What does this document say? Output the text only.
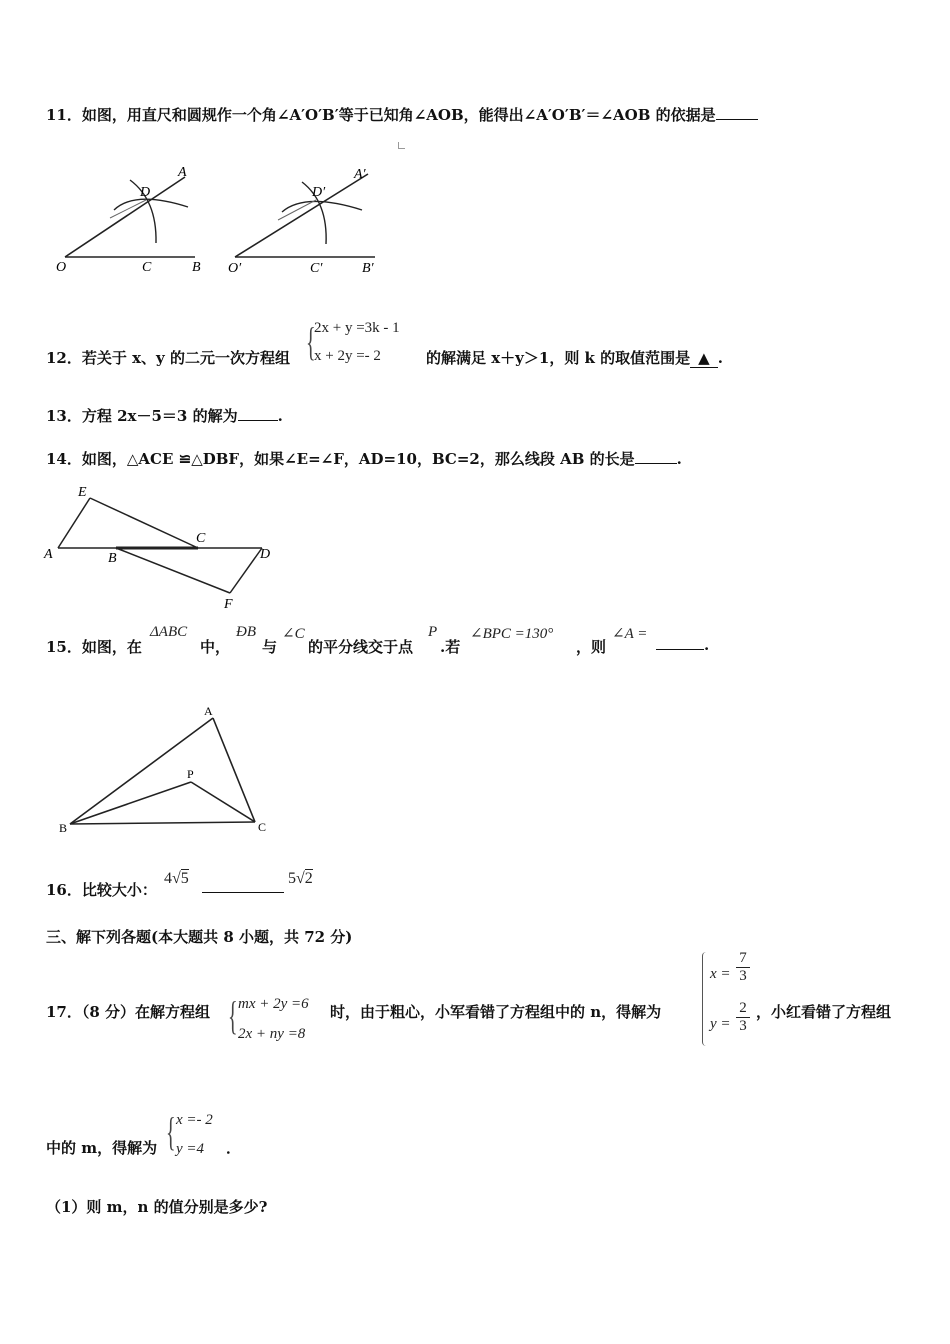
11．如图，用直尺和圆规作一个角∠A′O′B′等于已知角∠AOB，能得出∠A′O′B′＝∠AOB 的依据是
O	C	B
D
A
O′	C′	B′
D′
A′
12．若关于 x、y 的二元一次方程组 {
2x + y =3k - 1
x + 2y =- 2	的解满足 x＋y＞1，则 k 的取值范围是 ▲ .
13．方程 2x－5＝3 的解为	.
14．如图，△ACE ≌△DBF，如果∠E=∠F，AD=10，BC=2，那么线段 AB 的长是	.
E
A	B
C
D
F
15．如图，在
ΔABC
中，
ÐB
与
∠C
的平分线交于点
P
.若
∠BPC =130°
，则
∠A =
.
A
P
B	C
16．比较大小：
4√5	5√2
三、解下列各题(本大题共 8 小题，共 72 分)
17．（8 分）在解方程组 { mx + 2y =6
2x + ny =8
时，由于粗心，小军看错了方程组中的 n，得解为
x =
7
3
y =
2
3
，小红看错了方程组
中的 m，得解为 { x =- 2
y =4 ．
（1）则 m，n 的值分别是多少?
